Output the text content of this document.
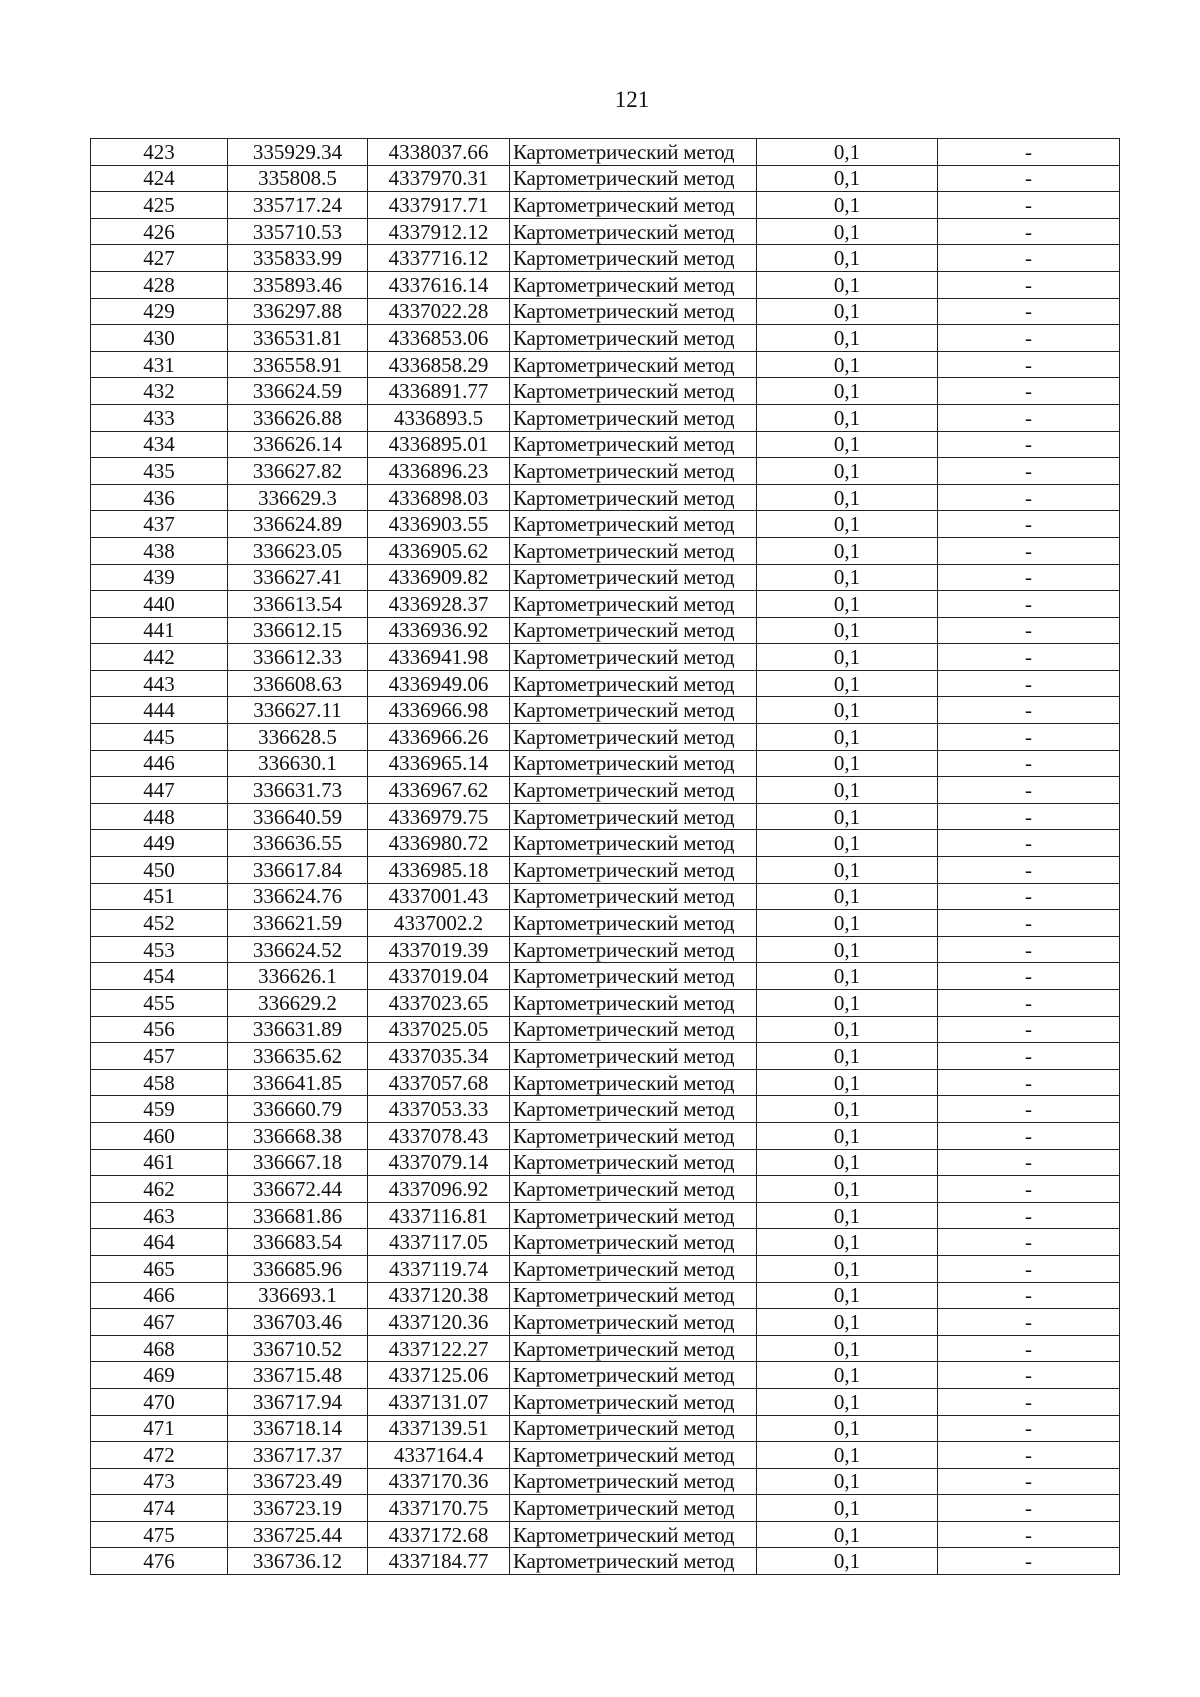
121
423	335929.34	4338037.66	Картометрический метод	0,1	-
424	335808.5	4337970.31	Картометрический метод	0,1	-
425	335717.24	4337917.71	Картометрический метод	0,1	-
426	335710.53	4337912.12	Картометрический метод	0,1	-
427	335833.99	4337716.12	Картометрический метод	0,1	-
428	335893.46	4337616.14	Картометрический метод	0,1	-
429	336297.88	4337022.28	Картометрический метод	0,1	-
430	336531.81	4336853.06	Картометрический метод	0,1	-
431	336558.91	4336858.29	Картометрический метод	0,1	-
432	336624.59	4336891.77	Картометрический метод	0,1	-
433	336626.88	4336893.5	Картометрический метод	0,1	-
434	336626.14	4336895.01	Картометрический метод	0,1	-
435	336627.82	4336896.23	Картометрический метод	0,1	-
436	336629.3	4336898.03	Картометрический метод	0,1	-
437	336624.89	4336903.55	Картометрический метод	0,1	-
438	336623.05	4336905.62	Картометрический метод	0,1	-
439	336627.41	4336909.82	Картометрический метод	0,1	-
440	336613.54	4336928.37	Картометрический метод	0,1	-
441	336612.15	4336936.92	Картометрический метод	0,1	-
442	336612.33	4336941.98	Картометрический метод	0,1	-
443	336608.63	4336949.06	Картометрический метод	0,1	-
444	336627.11	4336966.98	Картометрический метод	0,1	-
445	336628.5	4336966.26	Картометрический метод	0,1	-
446	336630.1	4336965.14	Картометрический метод	0,1	-
447	336631.73	4336967.62	Картометрический метод	0,1	-
448	336640.59	4336979.75	Картометрический метод	0,1	-
449	336636.55	4336980.72	Картометрический метод	0,1	-
450	336617.84	4336985.18	Картометрический метод	0,1	-
451	336624.76	4337001.43	Картометрический метод	0,1	-
452	336621.59	4337002.2	Картометрический метод	0,1	-
453	336624.52	4337019.39	Картометрический метод	0,1	-
454	336626.1	4337019.04	Картометрический метод	0,1	-
455	336629.2	4337023.65	Картометрический метод	0,1	-
456	336631.89	4337025.05	Картометрический метод	0,1	-
457	336635.62	4337035.34	Картометрический метод	0,1	-
458	336641.85	4337057.68	Картометрический метод	0,1	-
459	336660.79	4337053.33	Картометрический метод	0,1	-
460	336668.38	4337078.43	Картометрический метод	0,1	-
461	336667.18	4337079.14	Картометрический метод	0,1	-
462	336672.44	4337096.92	Картометрический метод	0,1	-
463	336681.86	4337116.81	Картометрический метод	0,1	-
464	336683.54	4337117.05	Картометрический метод	0,1	-
465	336685.96	4337119.74	Картометрический метод	0,1	-
466	336693.1	4337120.38	Картометрический метод	0,1	-
467	336703.46	4337120.36	Картометрический метод	0,1	-
468	336710.52	4337122.27	Картометрический метод	0,1	-
469	336715.48	4337125.06	Картометрический метод	0,1	-
470	336717.94	4337131.07	Картометрический метод	0,1	-
471	336718.14	4337139.51	Картометрический метод	0,1	-
472	336717.37	4337164.4	Картометрический метод	0,1	-
473	336723.49	4337170.36	Картометрический метод	0,1	-
474	336723.19	4337170.75	Картометрический метод	0,1	-
475	336725.44	4337172.68	Картометрический метод	0,1	-
476	336736.12	4337184.77	Картометрический метод	0,1	-
